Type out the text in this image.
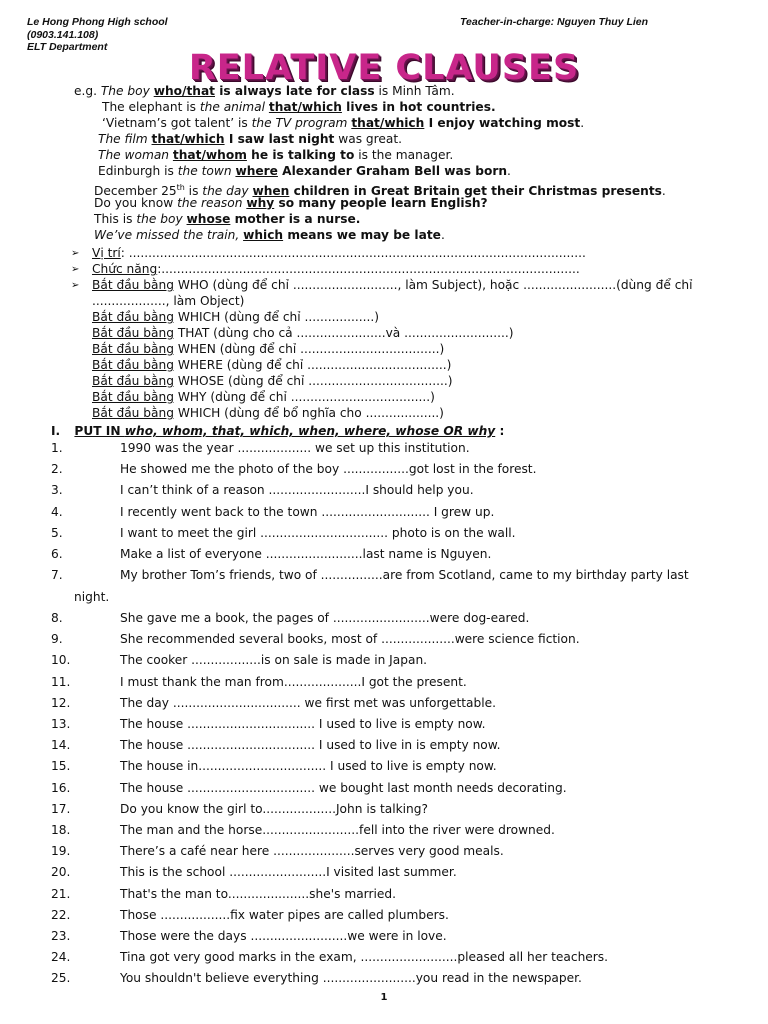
Le Hong Phong High school
(0903.141.108)
ELT Department
Teacher-in-charge: Nguyen Thuy Lien
RELATIVE CLAUSES
e.g. The boy who/that is always late for class is Minh Tâm.
The elephant is the animal that/which lives in hot countries.
‘Vietnam’s got talent’ is the TV program that/which I enjoy watching most.
The film that/which I saw last night was great.
The woman that/whom he is talking to is the manager.
Edinburgh is the town where Alexander Graham Bell was born.
December 25th is the day when children in Great Britain get their Christmas presents.
Do you know the reason why so many people learn English?
This is the boy whose mother is a nurse.
We’ve missed the train, which means we may be late.
➢ Vị trí: ......................................................................................................................
➢ Chức năng:............................................................................................................
➢ Bắt đầu bằng WHO (dùng để chỉ ..........................., làm Subject), hoặc ........................(dùng để chỉ
..................., làm Object)
Bắt đầu bằng WHICH (dùng để chỉ ..................)
Bắt đầu bằng THAT (dùng cho cả .......................và ...........................)
Bắt đầu bằng WHEN (dùng để chỉ ....................................)
Bắt đầu bằng WHERE (dùng để chỉ ....................................)
Bắt đầu bằng WHOSE (dùng để chỉ ....................................)
Bắt đầu bằng WHY (dùng để chỉ ....................................)
Bắt đầu bằng WHICH (dùng để bổ nghĩa cho ...................)
I. PUT IN who, whom, that, which, when, where, whose OR why :
1.	1990 was the year ................... we set up this institution.
2.	He showed me the photo of the boy .................got lost in the forest.
3.	I can’t think of a reason .........................I should help you.
4.	I recently went back to the town ............................ I grew up.
5.	I want to meet the girl ................................. photo is on the wall.
6.	Make a list of everyone .........................last name is Nguyen.
7.	My brother Tom’s friends, two of ................are from Scotland, came to my birthday party last
night.
8.	She gave me a book, the pages of .........................were dog-eared.
9.	She recommended several books, most of ...................were science fiction.
10.	The cooker ..................is on sale is made in Japan.
11.	I must thank the man from....................I got the present.
12.	The day ................................. we first met was unforgettable.
13.	The house ................................. I used to live is empty now.
14.	The house ................................. I used to live in is empty now.
15.	The house in................................. I used to live is empty now.
16.	The house ................................. we bought last month needs decorating.
17.	Do you know the girl to...................John is talking?
18.	The man and the horse.........................fell into the river were drowned.
19.	There’s a café near here .....................serves very good meals.
20.	This is the school .........................I visited last summer.
21.	That's the man to.....................she's married.
22.	Those ..................fix water pipes are called plumbers.
23.	Those were the days .........................we were in love.
24.	Tina got very good marks in the exam, .........................pleased all her teachers.
25.	You shouldn't believe everything ........................you read in the newspaper.
1
